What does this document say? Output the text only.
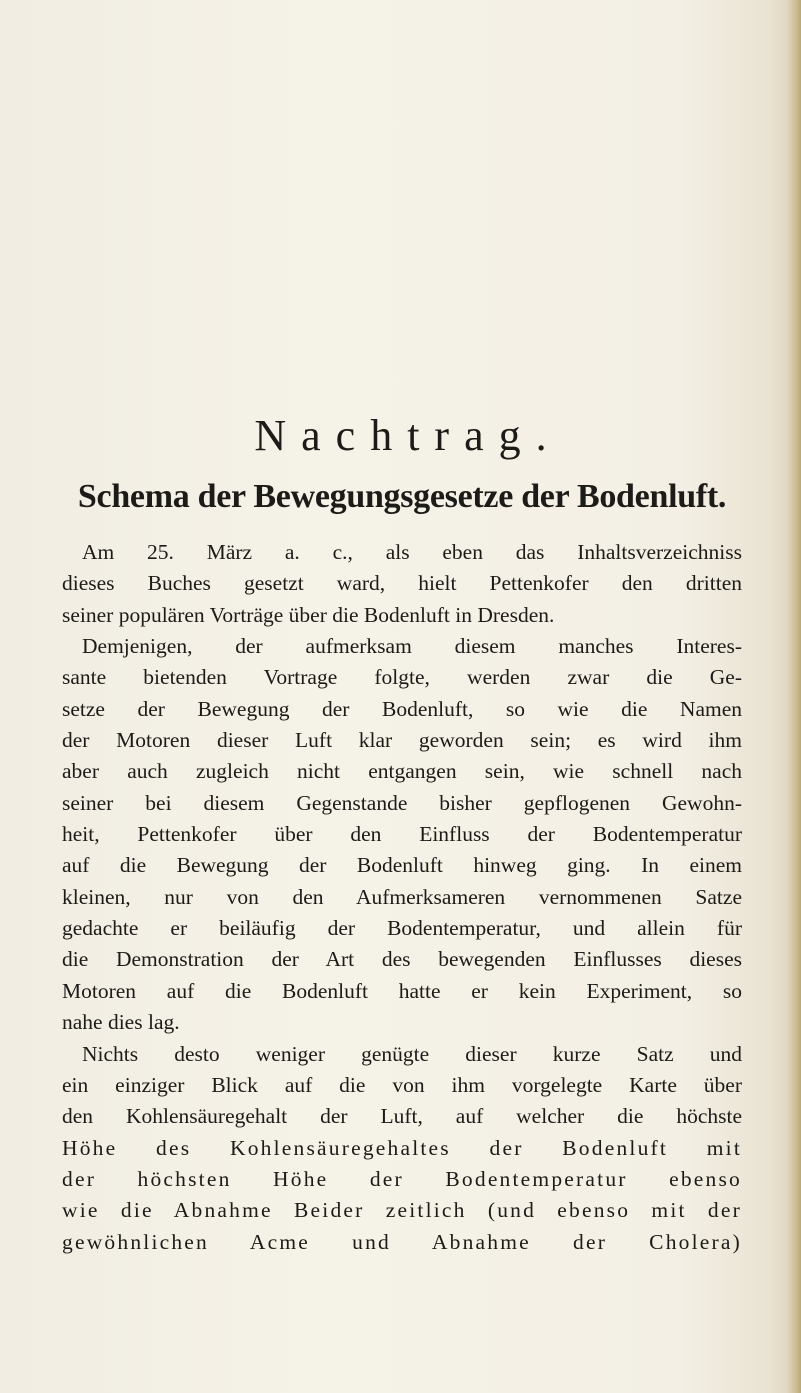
Nachtrag.
Schema der Bewegungsgesetze der Bodenluft.
Am 25. März a. c., als eben das Inhaltsverzeichniss
dieses Buches gesetzt ward, hielt Pettenkofer den dritten
seiner populären Vorträge über die Bodenluft in Dresden.
Demjenigen, der aufmerksam diesem manches Interes-
sante bietenden Vortrage folgte, werden zwar die Ge-
setze der Bewegung der Bodenluft, so wie die Namen
der Motoren dieser Luft klar geworden sein; es wird ihm
aber auch zugleich nicht entgangen sein, wie schnell nach
seiner bei diesem Gegenstande bisher gepflogenen Gewohn-
heit, Pettenkofer über den Einfluss der Bodentemperatur
auf die Bewegung der Bodenluft hinweg ging. In einem
kleinen, nur von den Aufmerksameren vernommenen Satze
gedachte er beiläufig der Bodentemperatur, und allein für
die Demonstration der Art des bewegenden Einflusses dieses
Motoren auf die Bodenluft hatte er kein Experiment, so
nahe dies lag.
Nichts desto weniger genügte dieser kurze Satz und
ein einziger Blick auf die von ihm vorgelegte Karte über
den Kohlensäuregehalt der Luft, auf welcher die höchste
Höhe des Kohlensäuregehaltes der Bodenluft mit
der höchsten Höhe der Bodentemperatur ebenso
wie die Abnahme Beider zeitlich (und ebenso mit der
gewöhnlichen Acme und Abnahme der Cholera)
